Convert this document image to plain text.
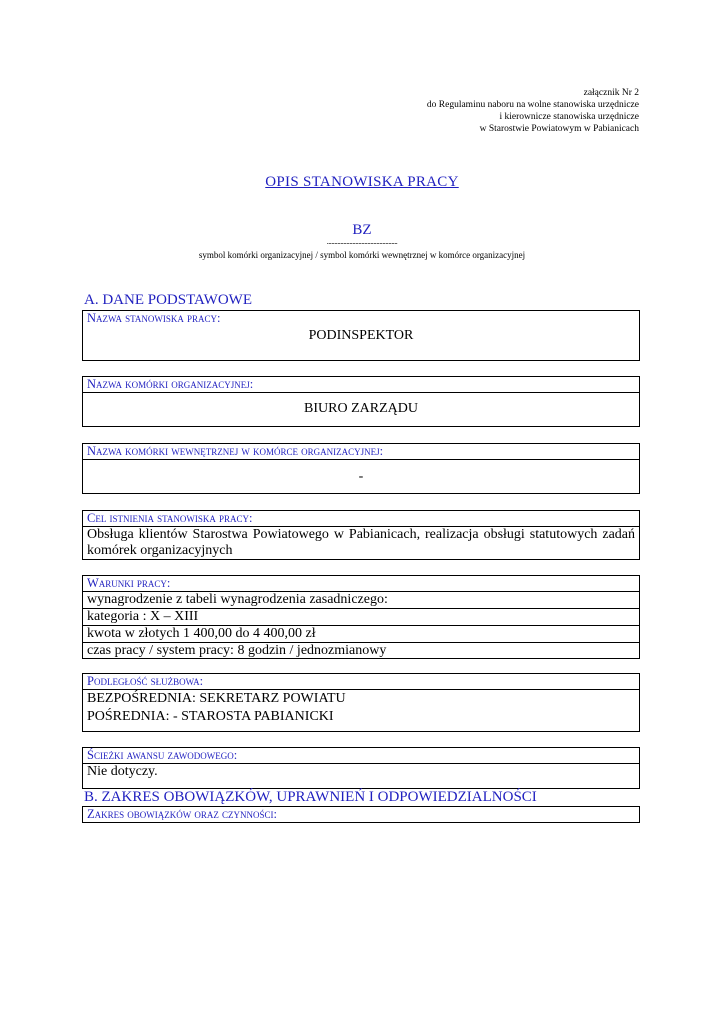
załącznik Nr 2
do Regulaminu naboru na wolne stanowiska urzędnicze
i kierownicze stanowiska urzędnicze
w Starostwie Powiatowym w Pabianicach
OPIS STANOWISKA PRACY
BZ
...............................................
symbol komórki organizacyjnej / symbol komórki wewnętrznej w komórce organizacyjnej
A. DANE PODSTAWOWE
Nazwa stanowiska pracy:
PODINSPEKTOR
Nazwa komórki organizacyjnej:
BIURO ZARZĄDU
Nazwa komórki wewnętrznej w komórce organizacyjnej:
-
Cel istnienia stanowiska pracy:
Obsługa klientów Starostwa Powiatowego w Pabianicach, realizacja obsługi statutowych zadań komórek organizacyjnych
Warunki pracy:
wynagrodzenie z tabeli wynagrodzenia zasadniczego:
kategoria : X – XIII
kwota w złotych 1 400,00 do 4 400,00 zł
czas pracy / system pracy: 8 godzin / jednozmianowy
Podległość służbowa:
BEZPOŚREDNIA: SEKRETARZ POWIATU
POŚREDNIA: - STAROSTA PABIANICKI
Ścieżki awansu zawodowego:
Nie dotyczy.
B. ZAKRES OBOWIĄZKÓW, UPRAWNIEŃ I ODPOWIEDZIALNOŚCI
Zakres obowiązków oraz czynności:
